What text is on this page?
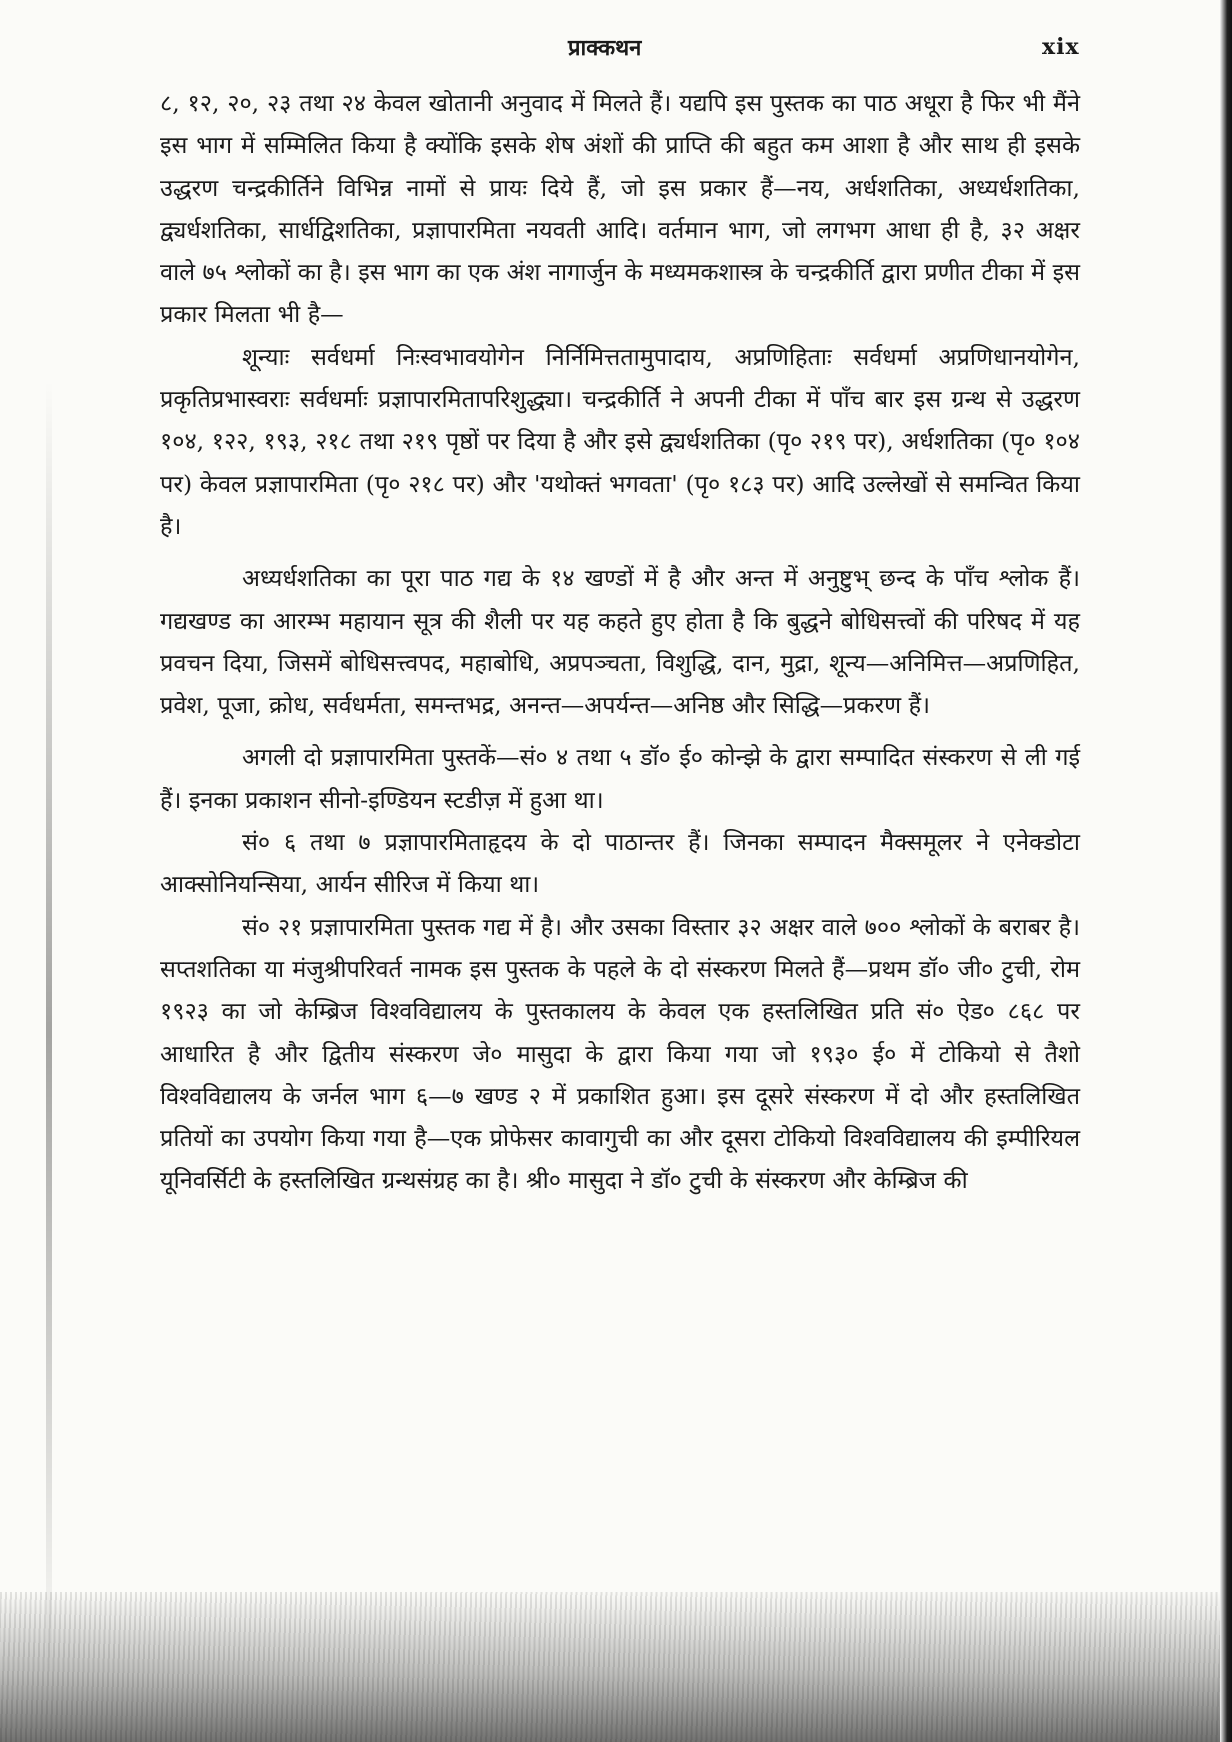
प्राक्कथन	xix

८, १२, २०, २३ तथा २४ केवल खोतानी अनुवाद में मिलते हैं। यद्यपि इस पुस्तक का पाठ अधूरा है फिर भी मैंने इस भाग में सम्मिलित किया है क्योंकि इसके शेष अंशों की प्राप्ति की बहुत कम आशा है और साथ ही इसके उद्धरण चन्द्रकीर्तिने विभिन्न नामों से प्रायः दिये हैं, जो इस प्रकार हैं—नय, अर्धशतिका, अध्यर्धशतिका, द्व्यर्धशतिका, सार्धद्विशतिका, प्रज्ञापारमिता नयवती आदि। वर्तमान भाग, जो लगभग आधा ही है, ३२ अक्षर वाले ७५ श्लोकों का है। इस भाग का एक अंश नागार्जुन के मध्यमकशास्त्र के चन्द्रकीर्ति द्वारा प्रणीत टीका में इस प्रकार मिलता भी है—

शून्याः सर्वधर्मा निःस्वभावयोगेन निर्निमित्ततामुपादाय, अप्रणिहिताः सर्वधर्मा अप्रणिधानयोगेन, प्रकृतिप्रभास्वराः सर्वधर्माः प्रज्ञापारमितापरिशुद्ध्या। चन्द्रकीर्ति ने अपनी टीका में पाँच बार इस ग्रन्थ से उद्धरण १०४, १२२, १९३, २१८ तथा २१९ पृष्ठों पर दिया है और इसे द्व्यर्धशतिका (पृ० २१९ पर), अर्धशतिका (पृ० १०४ पर) केवल प्रज्ञापारमिता (पृ० २१८ पर) और 'यथोक्तं भगवता' (पृ० १८३ पर) आदि उल्लेखों से समन्वित किया है।

अध्यर्धशतिका का पूरा पाठ गद्य के १४ खण्डों में है और अन्त में अनुष्टुभ् छन्द के पाँच श्लोक हैं। गद्यखण्ड का आरम्भ महायान सूत्र की शैली पर यह कहते हुए होता है कि बुद्धने बोधिसत्त्वों की परिषद में यह प्रवचन दिया, जिसमें बोधिसत्त्वपद, महाबोधि, अप्रपञ्चता, विशुद्धि, दान, मुद्रा, शून्य—अनिमित्त—अप्रणिहित, प्रवेश, पूजा, क्रोध, सर्वधर्मता, समन्तभद्र, अनन्त—अपर्यन्त—अनिष्ठ और सिद्धि—प्रकरण हैं।

अगली दो प्रज्ञापारमिता पुस्तकें—सं० ४ तथा ५ डॉ० ई० कोन्झे के द्वारा सम्पादित संस्करण से ली गई हैं। इनका प्रकाशन सीनो-इण्डियन स्टडीज़ में हुआ था।

सं० ६ तथा ७ प्रज्ञापारमिताहृदय के दो पाठान्तर हैं। जिनका सम्पादन मैक्समूलर ने एनेक्डोटा आक्सोनियन्सिया, आर्यन सीरिज में किया था।

सं० २१ प्रज्ञापारमिता पुस्तक गद्य में है। और उसका विस्तार ३२ अक्षर वाले ७०० श्लोकों के बराबर है। सप्तशतिका या मंजुश्रीपरिवर्त नामक इस पुस्तक के पहले के दो संस्करण मिलते हैं—प्रथम डॉ० जी० टुची, रोम १९२३ का जो केम्ब्रिज विश्वविद्यालय के पुस्तकालय के केवल एक हस्तलिखित प्रति सं० ऐड० ८६८ पर आधारित है और द्वितीय संस्करण जे० मासुदा के द्वारा किया गया जो १९३० ई० में टोकियो से तैशो विश्वविद्यालय के जर्नल भाग ६—७ खण्ड २ में प्रकाशित हुआ। इस दूसरे संस्करण में दो और हस्तलिखित प्रतियों का उपयोग किया गया है—एक प्रोफेसर कावागुची का और दूसरा टोकियो विश्वविद्यालय की इम्पीरियल यूनिवर्सिटी के हस्तलिखित ग्रन्थसंग्रह का है। श्री० मासुदा ने डॉ० टुची के संस्करण और केम्ब्रिज की
